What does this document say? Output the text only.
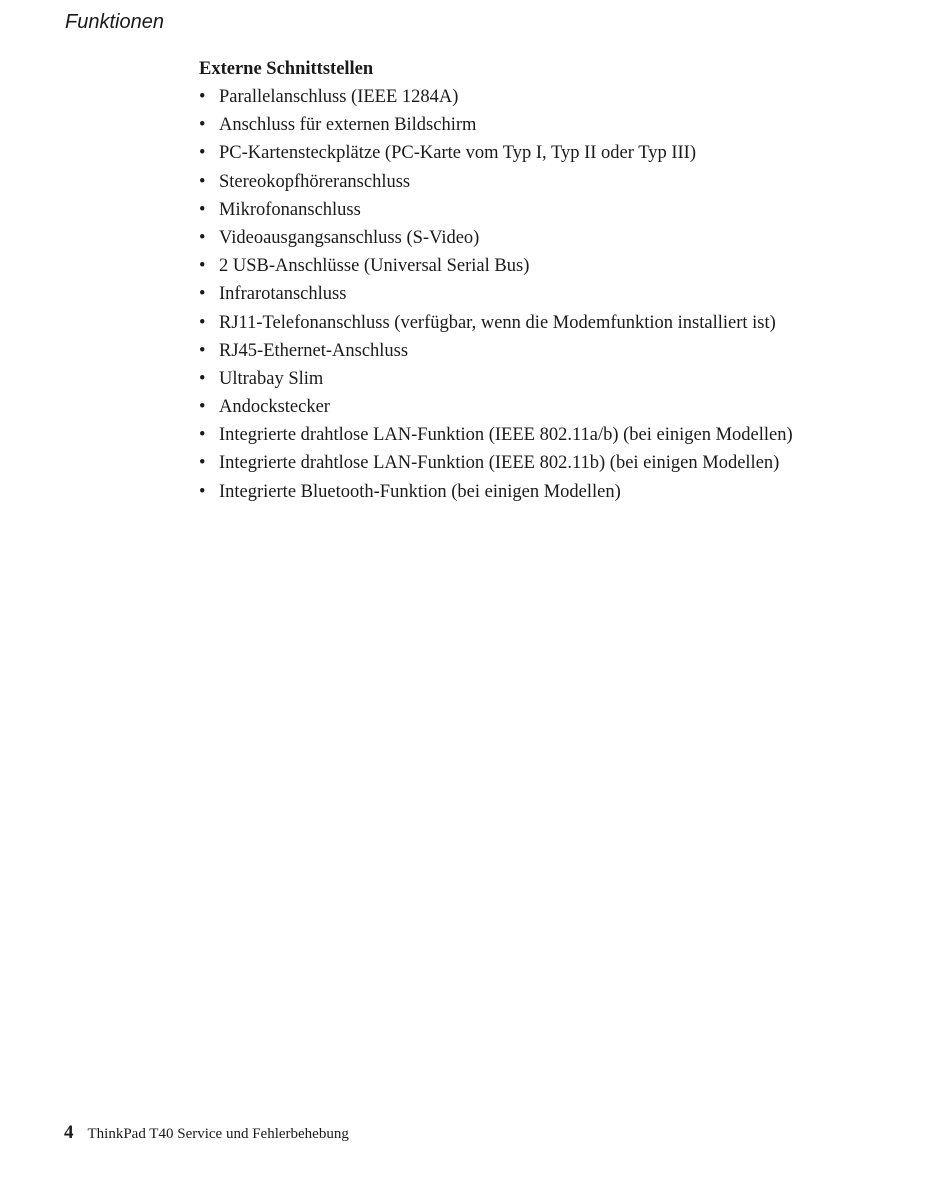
Funktionen
Externe Schnittstellen
• Parallelanschluss (IEEE 1284A)
• Anschluss für externen Bildschirm
• PC-Kartensteckplätze (PC-Karte vom Typ I, Typ II oder Typ III)
• Stereokopfhöreranschluss
• Mikrofonanschluss
• Videoausgangsanschluss (S-Video)
• 2 USB-Anschlüsse (Universal Serial Bus)
• Infrarotanschluss
• RJ11-Telefonanschluss (verfügbar, wenn die Modemfunktion installiert ist)
• RJ45-Ethernet-Anschluss
• Ultrabay Slim
• Andockstecker
• Integrierte drahtlose LAN-Funktion (IEEE 802.11a/b) (bei einigen Modellen)
• Integrierte drahtlose LAN-Funktion (IEEE 802.11b) (bei einigen Modellen)
• Integrierte Bluetooth-Funktion (bei einigen Modellen)
4 ThinkPad T40 Service und Fehlerbehebung
